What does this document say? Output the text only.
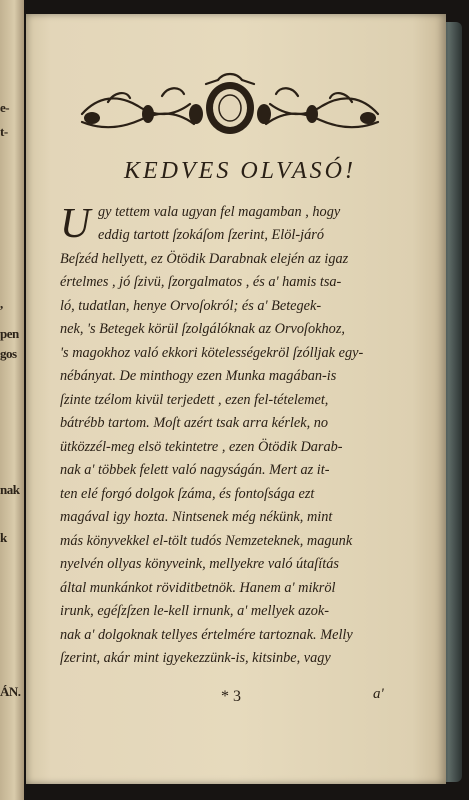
e-
t-
,
pen
gos
nak
k
ÁN.
KEDVES OLVASÓ!
U gy tettem vala ugyan fel magamban , hogy
eddig tartott ſzokáſom ſzerint, Elöl-járó
Beſzéd hellyett, ez Ötödik Darabnak elején az igaz
értelmes , jó ſzivü, ſzorgalmatos , és a' hamis tsa-
ló, tudatlan, henye Orvoſokról; és a' Betegek-
nek, 's Betegek körül ſzolgálóknak az Orvoſokhoz,
's magokhoz való ekkori kötelességekröl ſzólljak egy-
nébányat. De minthogy ezen Munka magában-is
ſzinte tzélom kivül terjedett , ezen fel-tételemet,
bátrébb tartom. Moſt azért tsak arra kérlek, no
ütközzél-meg elsö tekintetre , ezen Ötödik Darab-
nak a' többek felett való nagyságán. Mert az it-
ten elé forgó dolgok ſzáma, és fontoſsága ezt
magával igy hozta. Nintsenek még nékünk, mint
más könyvekkel el-tölt tudós Nemzeteknek, magunk
nyelvén ollyas könyveink, mellyekre való útaſítás
által munkánkot röviditbetnök. Hanem a' mikröl
irunk, egéſzſzen le-kell irnunk, a' mellyek azok-
nak a' dolgoknak tellyes értelmére tartoznak. Melly
ſzerint, akár mint igyekezzünk-is, kitsinbe, vagy
* 3	a'
